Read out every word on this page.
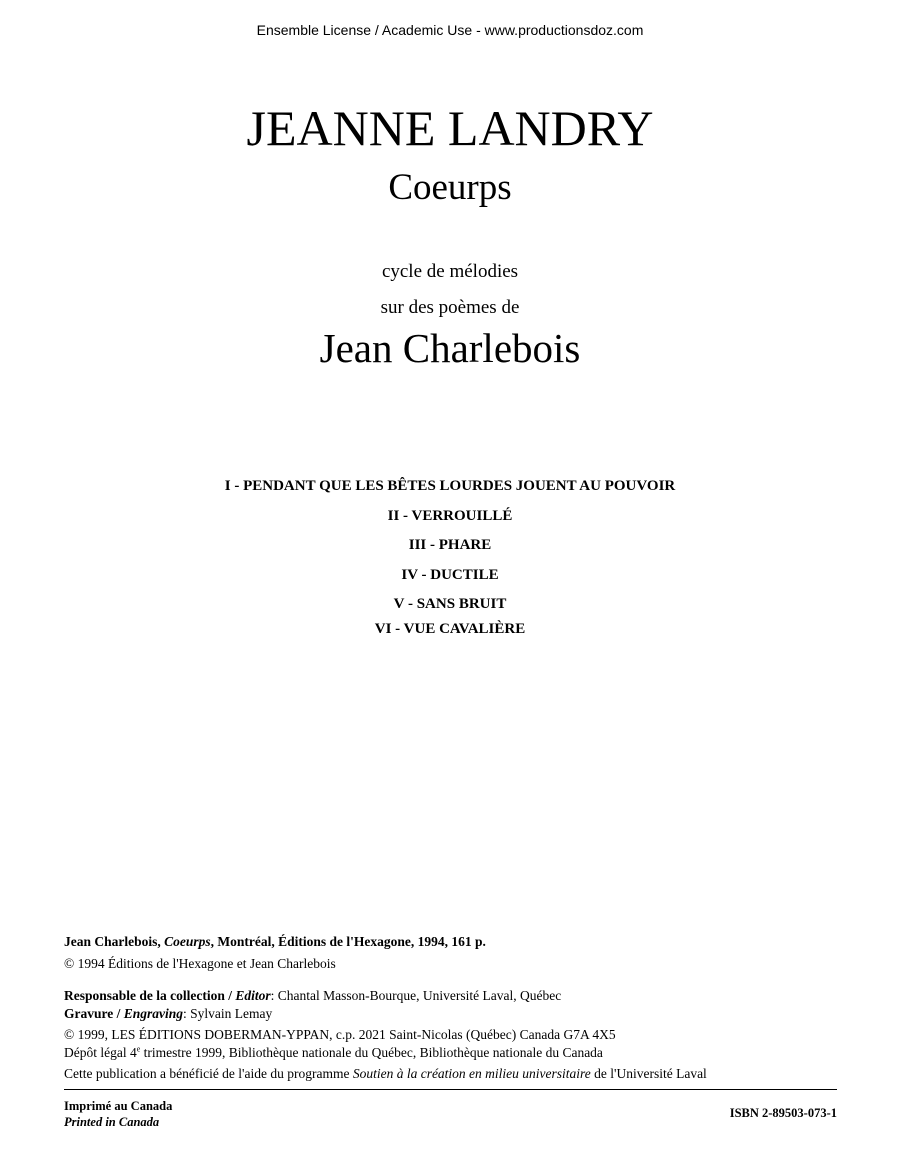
Ensemble License / Academic Use - www.productionsdoz.com
JEANNE LANDRY
Coeurps
cycle de mélodies
sur des poèmes de
Jean Charlebois
I - PENDANT QUE LES BÊTES LOURDES JOUENT AU POUVOIR
II - VERROUILLÉ
III - PHARE
IV - DUCTILE
V - SANS BRUIT
VI - VUE CAVALIÈRE
Jean Charlebois, Coeurps, Montréal, Éditions de l'Hexagone, 1994, 161 p.
© 1994 Éditions de l'Hexagone et Jean Charlebois
Responsable de la collection / Editor: Chantal Masson-Bourque, Université Laval, Québec
Gravure / Engraving: Sylvain Lemay
© 1999, LES ÉDITIONS DOBERMAN-YPPAN, c.p. 2021 Saint-Nicolas (Québec) Canada G7A 4X5
Dépôt légal 4e trimestre 1999, Bibliothèque nationale du Québec, Bibliothèque nationale du Canada
Cette publication a bénéficié de l'aide du programme Soutien à la création en milieu universitaire de l'Université Laval
Imprimé au Canada
Printed in Canada
ISBN 2-89503-073-1
